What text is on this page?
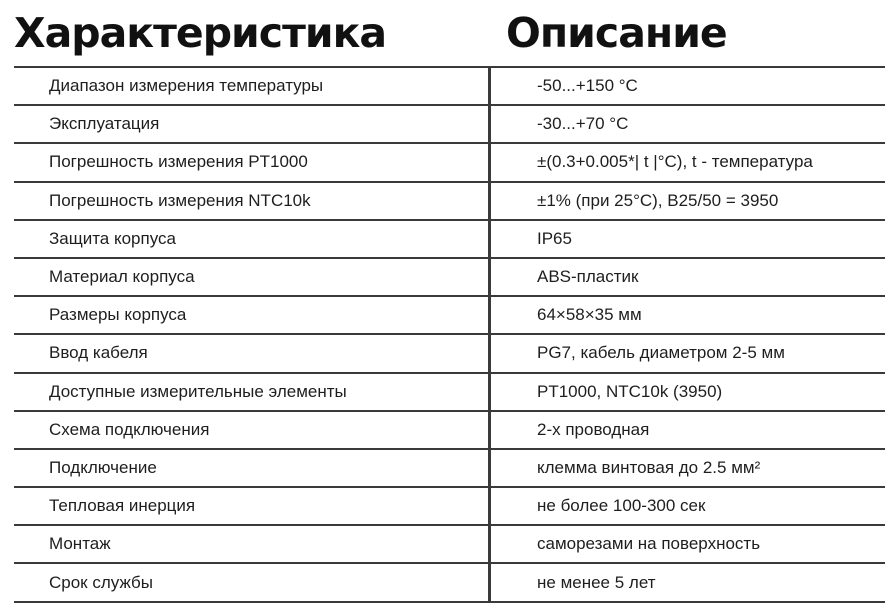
Характеристика	Описание
Диапазон измерения температуры	-50...+150 °C
Эксплуатация	-30...+70 °C
Погрешность измерения PT1000	±(0.3+0.005*| t |°C), t - температура
Погрешность измерения NTC10k	±1% (при 25°C), B25/50 = 3950
Защита корпуса	IP65
Материал корпуса	ABS-пластик
Размеры корпуса	64×58×35 мм
Ввод кабеля	PG7, кабель диаметром 2-5 мм
Доступные измерительные элементы	PT1000, NTC10k (3950)
Схема подключения	2-х проводная
Подключение	клемма винтовая до 2.5 мм²
Тепловая инерция	не более 100-300 сек
Монтаж	саморезами на поверхность
Срок службы	не менее 5 лет
